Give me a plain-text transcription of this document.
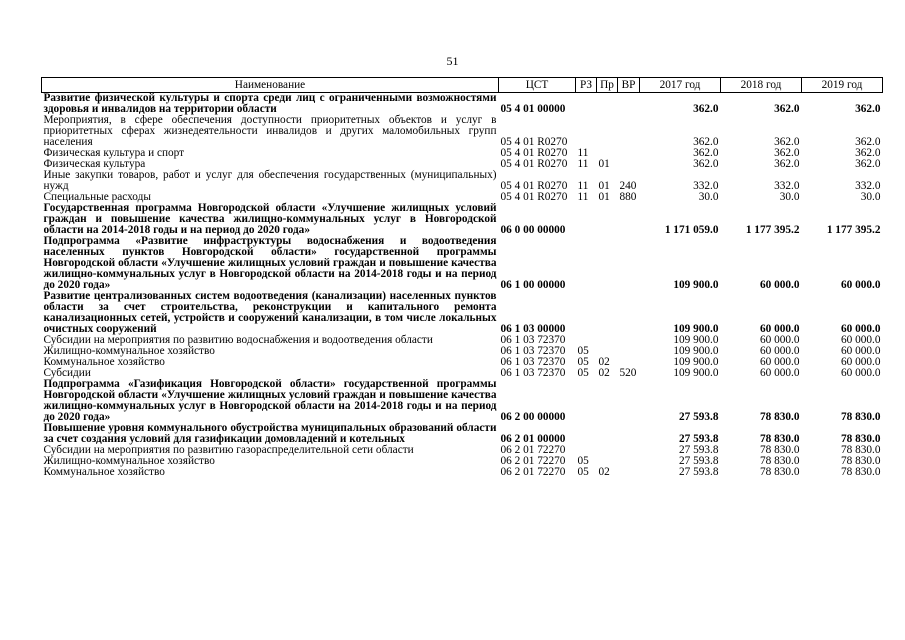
51
Наименование	ЦСТ	РЗ	Пр	ВР	2017 год	2018 год	2019 год
Развитие физической культуры и спорта среди лиц с ограниченными возможностями здоровья и инвалидов на территории области	05 4 01 00000				362.0	362.0	362.0
Мероприятия, в сфере обеспечения доступности приоритетных объектов и услуг в приоритетных сферах жизнедеятельности инвалидов и других маломобильных групп населения	05 4 01 R0270				362.0	362.0	362.0
Физическая культура и спорт	05 4 01 R0270	11			362.0	362.0	362.0
Физическая культура	05 4 01 R0270	11	01		362.0	362.0	362.0
Иные закупки товаров, работ и услуг для обеспечения государственных (муниципальных) нужд	05 4 01 R0270	11	01	240	332.0	332.0	332.0
Специальные расходы	05 4 01 R0270	11	01	880	30.0	30.0	30.0
Государственная программа Новгородской области «Улучшение жилищных условий граждан и повышение качества жилищно-коммунальных услуг в Новгородской области на 2014-2018 годы и на период до 2020 года»	06 0 00 00000				1 171 059.0	1 177 395.2	1 177 395.2
Подпрограмма «Развитие инфраструктуры водоснабжения и водоотведения населенных пунктов Новгородской области» государственной программы Новгородской области «Улучшение жилищных условий граждан и повышение качества жилищно-коммунальных услуг в Новгородской области на 2014-2018 годы и на период до 2020 года»	06 1 00 00000				109 900.0	60 000.0	60 000.0
Развитие централизованных систем водоотведения (канализации) населенных пунктов области за счет строительства, реконструкции и капитального ремонта канализационных сетей, устройств и сооружений канализации, в том числе локальных очистных сооружений	06 1 03 00000				109 900.0	60 000.0	60 000.0
Субсидии на мероприятия по развитию водоснабжения и водоотведения области	06 1 03 72370				109 900.0	60 000.0	60 000.0
Жилищно-коммунальное хозяйство	06 1 03 72370	05			109 900.0	60 000.0	60 000.0
Коммунальное хозяйство	06 1 03 72370	05	02		109 900.0	60 000.0	60 000.0
Субсидии	06 1 03 72370	05	02	520	109 900.0	60 000.0	60 000.0
Подпрограмма «Газификация Новгородской области» государственной программы Новгородской области «Улучшение жилищных условий граждан и повышение качества жилищно-коммунальных услуг в Новгородской области на 2014-2018 годы и на период до 2020 года»	06 2 00 00000				27 593.8	78 830.0	78 830.0
Повышение уровня коммунального обустройства муниципальных образований области за счет создания условий для газификации домовладений и котельных	06 2 01 00000				27 593.8	78 830.0	78 830.0
Субсидии на мероприятия по развитию газораспределительной сети области	06 2 01 72270				27 593.8	78 830.0	78 830.0
Жилищно-коммунальное хозяйство	06 2 01 72270	05			27 593.8	78 830.0	78 830.0
Коммунальное хозяйство	06 2 01 72270	05	02		27 593.8	78 830.0	78 830.0
